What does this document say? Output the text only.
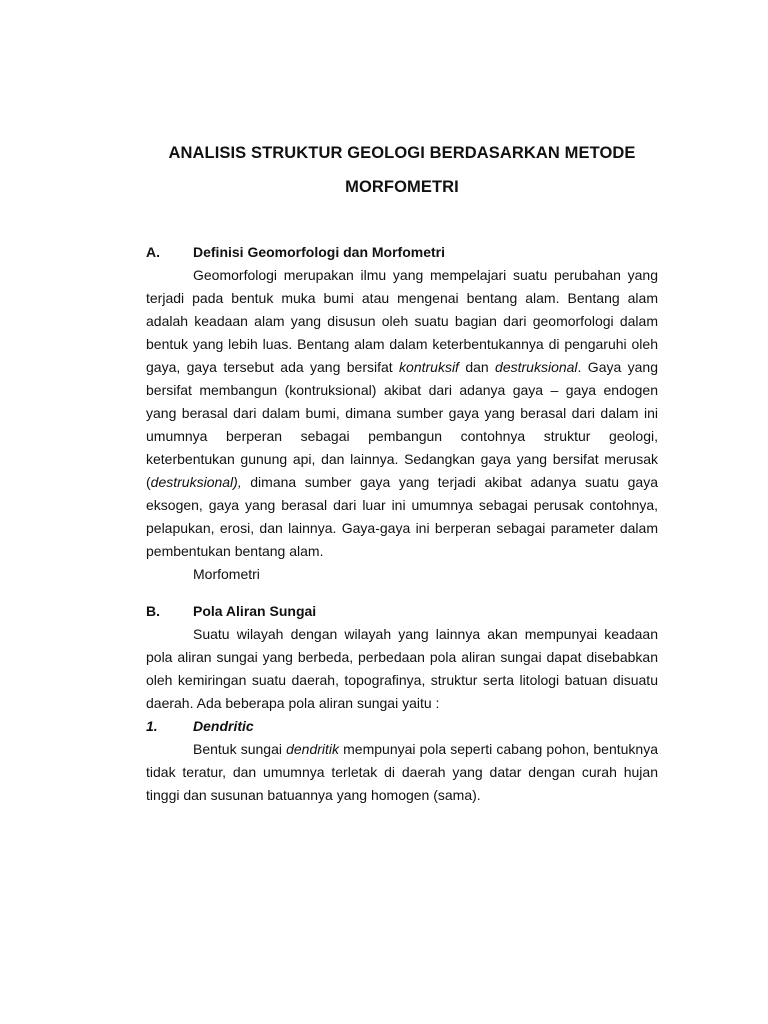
ANALISIS STRUKTUR GEOLOGI BERDASARKAN METODE
MORFOMETRI
A.	Definisi Geomorfologi dan Morfometri

Geomorfologi merupakan ilmu yang mempelajari suatu perubahan yang terjadi pada bentuk muka bumi atau mengenai bentang alam. Bentang alam adalah keadaan alam yang disusun oleh suatu bagian dari geomorfologi dalam bentuk yang lebih luas. Bentang alam dalam keterbentukannya di pengaruhi oleh gaya, gaya tersebut ada yang bersifat kontruksif dan destruksional. Gaya yang bersifat membangun (kontruksional) akibat dari adanya gaya – gaya endogen yang berasal dari dalam bumi, dimana sumber gaya yang berasal dari dalam ini umumnya berperan sebagai pembangun contohnya struktur geologi, keterbentukan gunung api, dan lainnya. Sedangkan gaya yang bersifat merusak (destruksional), dimana sumber gaya yang terjadi akibat adanya suatu gaya eksogen, gaya yang berasal dari luar ini umumnya sebagai perusak contohnya, pelapukan, erosi, dan lainnya. Gaya-gaya ini berperan sebagai parameter dalam pembentukan bentang alam.

Morfometri

B.	Pola Aliran Sungai

Suatu wilayah dengan wilayah yang lainnya akan mempunyai keadaan pola aliran sungai yang berbeda, perbedaan pola aliran sungai dapat disebabkan oleh kemiringan suatu daerah, topografinya, struktur serta litologi batuan disuatu daerah. Ada beberapa pola aliran sungai yaitu :

1.	Dendritic

Bentuk sungai dendritik mempunyai pola seperti cabang pohon, bentuknya tidak teratur, dan umumnya terletak di daerah yang datar dengan curah hujan tinggi dan susunan batuannya yang homogen (sama).
